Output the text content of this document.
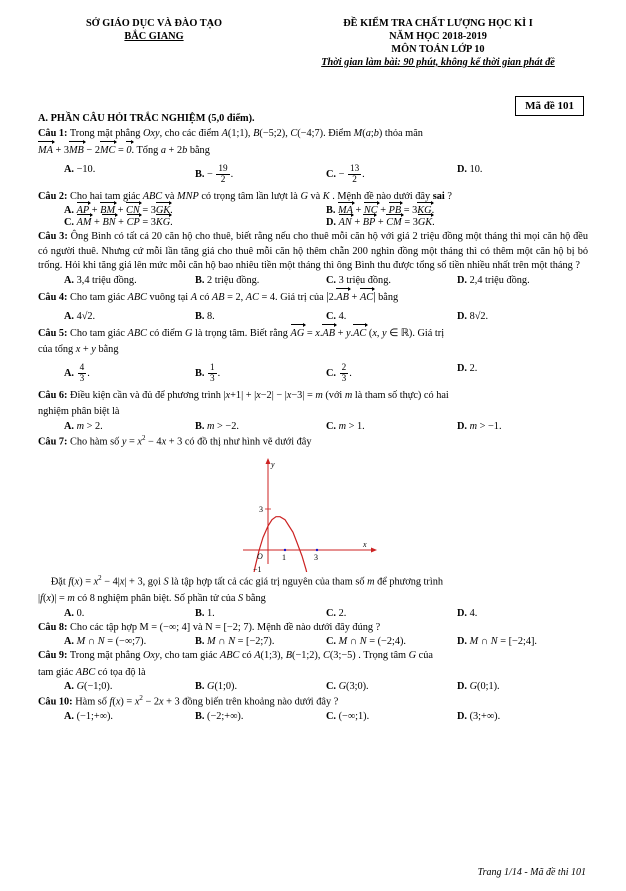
SỞ GIÁO DỤC VÀ ĐÀO TẠO
BẮC GIANG
ĐỀ KIỂM TRA CHẤT LƯỢNG HỌC KÌ I
NĂM HỌC 2018-2019
MÔN TOÁN LỚP 10
Thời gian làm bài: 90 phút, không kể thời gian phát đề
Mã đề 101
A. PHẦN CÂU HỎI TRẮC NGHIỆM (5,0 điểm).
Câu 1: Trong mặt phẳng Oxy, cho các điểm A(1;1), B(−5;2), C(−4;7). Điểm M(a;b) thỏa mãn
MA + 3MB − 2MC = 0. Tổng a + 2b bằng
A. −10.	B. − $\frac{19}{2}$ .	C. − $\frac{13}{2}$ .	D. 10.
Câu 2: Cho hai tam giác ABC và MNP có trọng tâm lần lượt là G và K . Mệnh đề nào dưới đây sai ?
A. AP + BM + CN = 3GK.	B. MA + NC + PB = 3KG.
C. AM + BN + CP = 3KG.	D. AN + BP + CM = 3GK.
Câu 3: Ông Bình có tất cả 20 căn hộ cho thuê, biết rằng nếu cho thuê mỗi căn hộ với giá 2 triệu đồng một tháng thì mọi căn hộ đều có người thuê. Nhưng cứ mỗi lần tăng giá cho thuê mỗi căn hộ thêm chẵn 200 nghìn đồng một tháng thì có thêm một căn hộ bị bỏ trống. Hỏi khi tăng giá lên mức mỗi căn hộ bao nhiêu tiền một tháng thì ông Bình thu được tổng số tiền nhiều nhất trên một tháng ?
A. 3,4 triệu đồng.	B. 2 triệu đồng.	C. 3 triệu đồng.	D. 2,4 triệu đồng.
Câu 4: Cho tam giác ABC vuông tại A có AB = 2, AC = 4. Giá trị của |2.AB + AC| bằng
A. 4√2.	B. 8.	C. 4.	D. 8√2.
Câu 5: Cho tam giác ABC có điểm G là trọng tâm. Biết rằng AG = x.AB + y.AC (x, y ∈ ℝ). Giá trị
của tổng x + y bằng
A. $\frac{4}{3}$ .	B. $\frac{1}{3}$ .	C. $\frac{2}{3}$ .	D. 2.
Câu 6: Điều kiện cần và đủ để phương trình |x+1| + |x−2| − |x−3| = m (với m là tham số thực) có hai
nghiệm phân biệt là
A. m > 2.	B. m > −2.	C. m > 1.	D. m > −1.
Câu 7: Cho hàm số $y = x^2 - 4x + 3$ có đồ thị như hình vẽ dưới đây
3
O 1	3
−1
y
x
Đặt $f(x) = x^2 - 4|x| + 3$, gọi S là tập hợp tất cả các giá trị nguyên của tham số m để phương trình
|f(x)| = m có 8 nghiệm phân biệt. Số phần tử của S bằng
A. 0.	B. 1.	C. 2.	D. 4.
Câu 8: Cho các tập hợp M = (−∞; 4] và N = [−2; 7). Mệnh đề nào dưới đây đúng ?
A. M ∩ N = (−∞;7).	B. M ∩ N = [−2;7).	C. M ∩ N = (−2;4).	D. M ∩ N = [−2;4].
Câu 9: Trong mặt phẳng Oxy, cho tam giác ABC có A(1;3), B(−1;2), C(3;−5) . Trọng tâm G của
tam giác ABC có tọa độ là
A. G(−1;0).	B. G(1;0).	C. G(3;0).	D. G(0;1).
Câu 10: Hàm số $f(x) = x^2 - 2x + 3$ đồng biến trên khoảng nào dưới đây ?
A. (−1;+∞).	B. (−2;+∞).	C. (−∞;1).	D. (3;+∞).
Trang 1/14 - Mã đề thi 101
